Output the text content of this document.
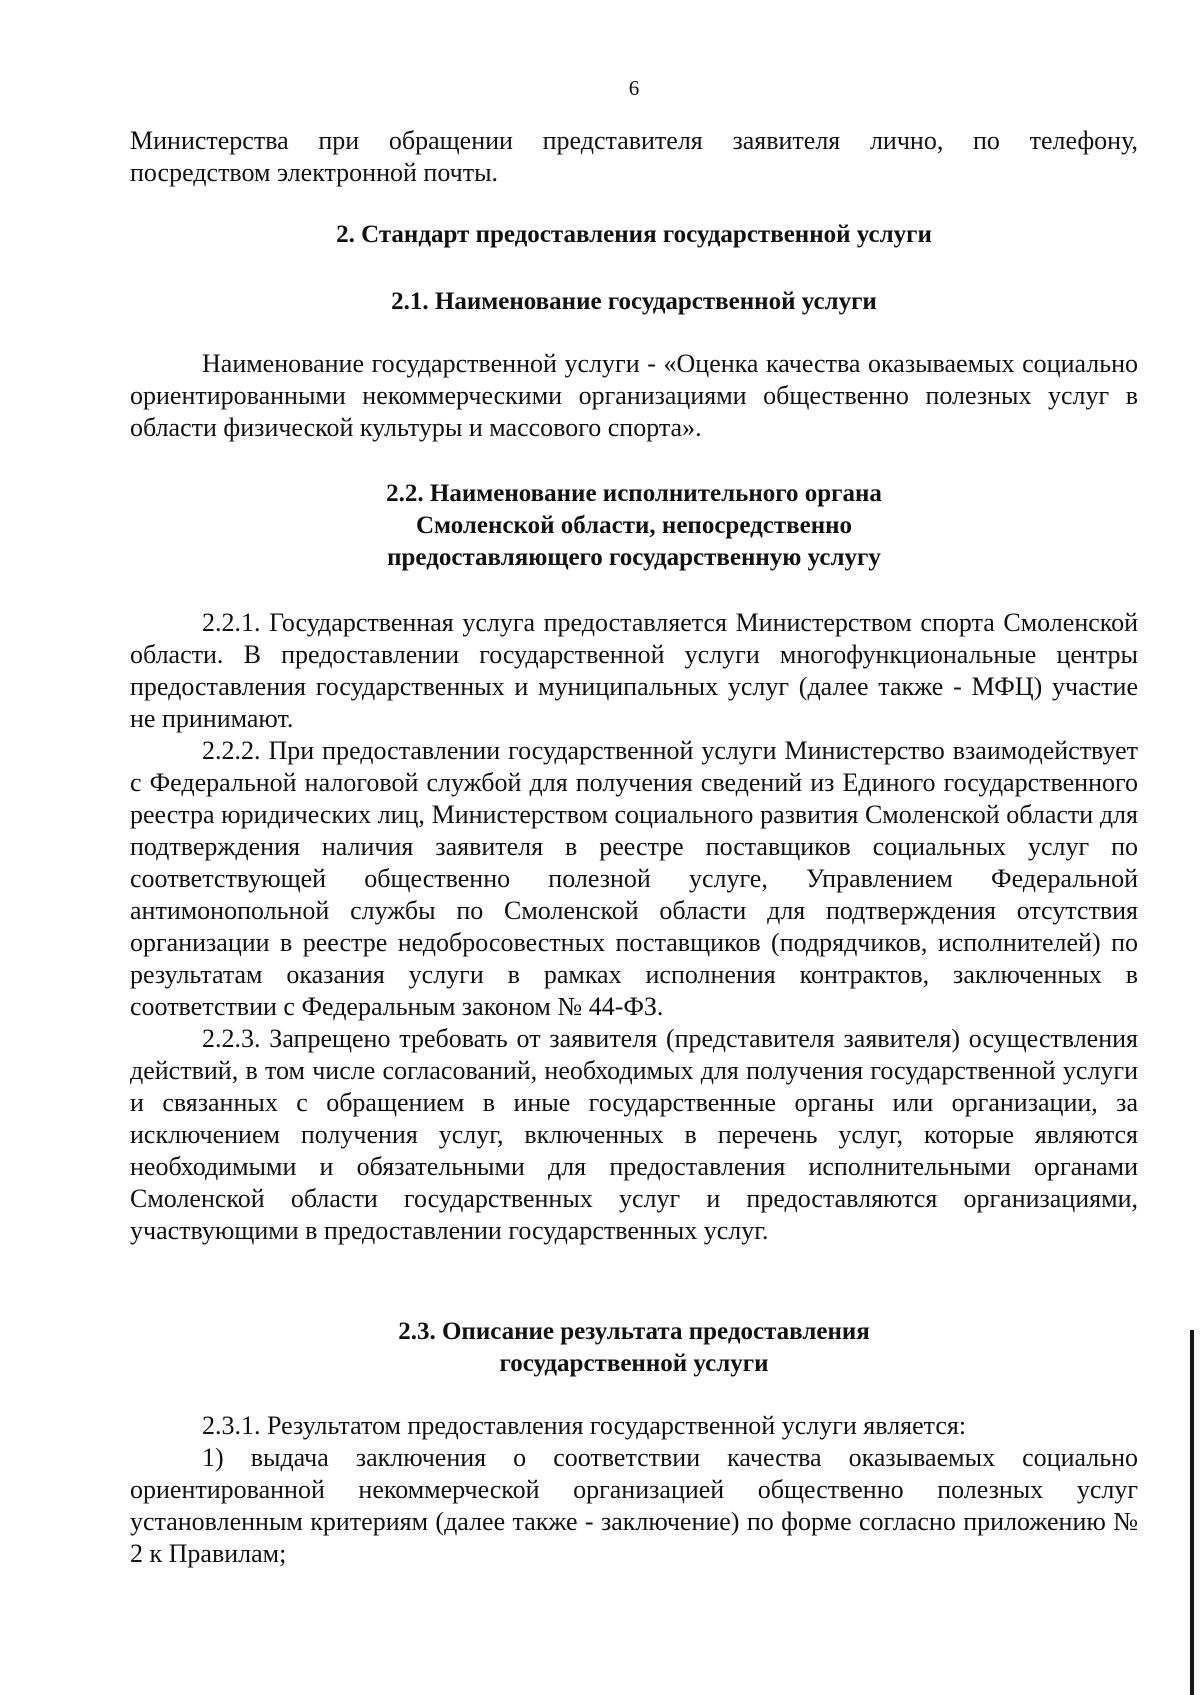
6

Министерства при обращении представителя заявителя лично, по телефону,

посредством электронной почты.

2. Стандарт предоставления государственной услуги
2.1. Наименование государственной услуги

Наименование государственной услуги - «Оценка качества оказываемых социально ориентированными некоммерческими организациями общественно полезных услуг в области физической культуры и массового спорта».

2.2. Наименование исполнительного органа
Смоленской области, непосредственно
предоставляющего государственную услугу

2.2.1. Государственная услуга предоставляется Министерством спорта Смоленской области. В предоставлении государственной услуги многофункциональные центры предоставления государственных и муниципальных услуг (далее также - МФЦ) участие не принимают.

2.2.2. При предоставлении государственной услуги Министерство взаимодействует с Федеральной налоговой службой для получения сведений из Единого государственного реестра юридических лиц, Министерством социального развития Смоленской области для подтверждения наличия заявителя в реестре поставщиков социальных услуг по соответствующей общественно полезной услуге, Управлением Федеральной антимонопольной службы по Смоленской области для подтверждения отсутствия организации в реестре недобросовестных поставщиков (подрядчиков, исполнителей) по результатам оказания услуги в рамках исполнения контрактов, заключенных в соответствии с Федеральным законом № 44-ФЗ.

2.2.3. Запрещено требовать от заявителя (представителя заявителя) осуществления действий, в том числе согласований, необходимых для получения государственной услуги и связанных с обращением в иные государственные органы или организации, за исключением получения услуг, включенных в перечень услуг, которые являются необходимыми и обязательными для предоставления исполнительными органами Смоленской области государственных услуг и предоставляются организациями, участвующими в предоставлении государственных услуг.

2.3. Описание результата предоставления
государственной услуги

2.3.1. Результатом предоставления государственной услуги является:

1) выдача заключения о соответствии качества оказываемых социально ориентированной некоммерческой организацией общественно полезных услуг установленным критериям (далее также - заключение) по форме согласно приложению № 2 к Правилам;
